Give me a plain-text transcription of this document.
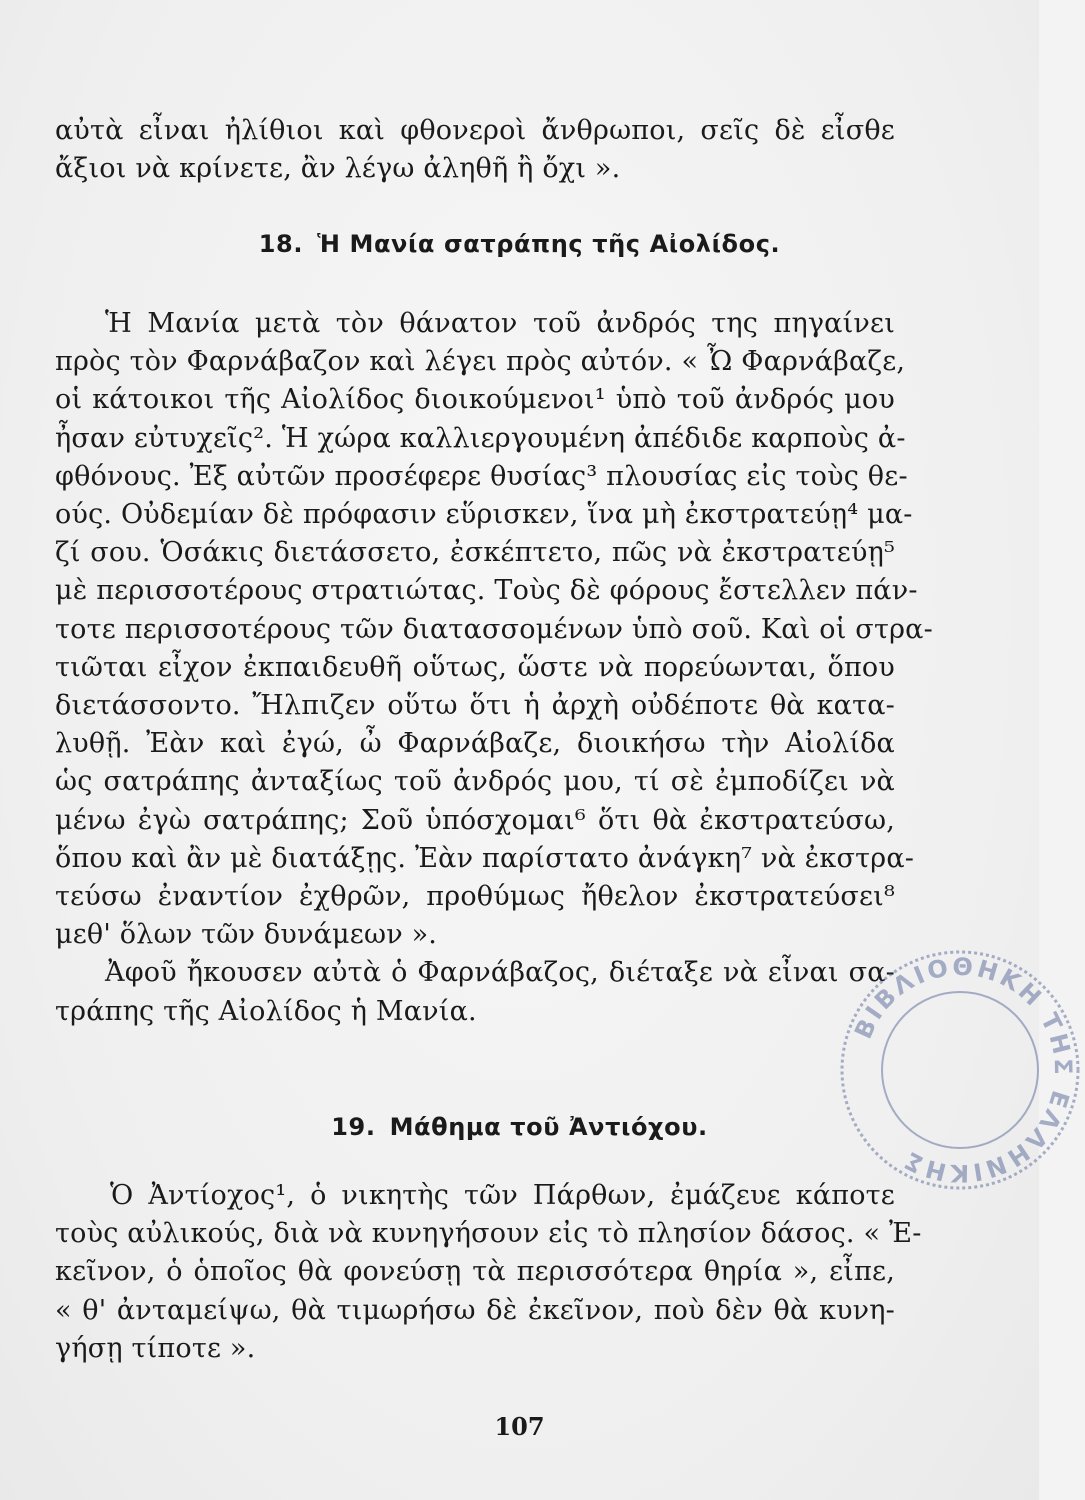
αὐτὰ εἶναι ἠλίθιοι καὶ φθονεροὶ ἄνθρωποι, σεῖς δὲ εἶσθε
ἄξιοι νὰ κρίνετε, ἂν λέγω ἀληθῆ ἢ ὄχι ».
18. Ἡ Μανία σατράπης τῆς Αἰολίδος.
Ἡ Μανία μετὰ τὸν θάνατον τοῦ ἀνδρός της πηγαίνει
πρὸς τὸν Φαρνάβαζον καὶ λέγει πρὸς αὐτόν. « Ὦ Φαρνάβαζε,
οἱ κάτοικοι τῆς Αἰολίδος διοικούμενοι¹ ὑπὸ τοῦ ἀνδρός μου
ἦσαν εὐτυχεῖς². Ἡ χώρα καλλιεργουμένη ἀπέδιδε καρποὺς ἀ-
φθόνους. Ἐξ αὐτῶν προσέφερε θυσίας³ πλουσίας εἰς τοὺς θε-
ούς. Οὐδεμίαν δὲ πρόφασιν εὕρισκεν, ἵνα μὴ ἐκστρατεύῃ⁴ μα-
ζί σου. Ὁσάκις διετάσσετο, ἐσκέπτετο, πῶς νὰ ἐκστρατεύῃ⁵
μὲ περισσοτέρους στρατιώτας. Τοὺς δὲ φόρους ἔστελλεν πάν-
τοτε περισσοτέρους τῶν διατασσομένων ὑπὸ σοῦ. Καὶ οἱ στρα-
τιῶται εἶχον ἐκπαιδευθῆ οὕτως, ὥστε νὰ πορεύωνται, ὅπου
διετάσσοντο. Ἤλπιζεν οὕτω ὅτι ἡ ἀρχὴ οὐδέποτε θὰ κατα-
λυθῇ. Ἐὰν καὶ ἐγώ, ὦ Φαρνάβαζε, διοικήσω τὴν Αἰολίδα
ὡς σατράπης ἀνταξίως τοῦ ἀνδρός μου, τί σὲ ἐμποδίζει νὰ
μένω ἐγὼ σατράπης; Σοῦ ὑπόσχομαι⁶ ὅτι θὰ ἐκστρατεύσω,
ὅπου καὶ ἂν μὲ διατάξῃς. Ἐὰν παρίστατο ἀνάγκη⁷ νὰ ἐκστρα-
τεύσω ἐναντίον ἐχθρῶν, προθύμως ἤθελον ἐκστρατεύσει⁸
μεθ' ὅλων τῶν δυνάμεων ».
Ἀφοῦ ἤκουσεν αὐτὰ ὁ Φαρνάβαζος, διέταξε νὰ εἶναι σα-
τράπης τῆς Αἰολίδος ἡ Μανία.
19. Μάθημα τοῦ Ἀντιόχου.
Ὁ Ἀντίοχος¹, ὁ νικητὴς τῶν Πάρθων, ἐμάζευε κάποτε
τοὺς αὐλικούς, διὰ νὰ κυνηγήσουν εἰς τὸ πλησίον δάσος. « Ἐ-
κεῖνον, ὁ ὁποῖος θὰ φονεύσῃ τὰ περισσότερα θηρία », εἶπε,
« θ' ἀνταμείψω, θὰ τιμωρήσω δὲ ἐκεῖνον, ποὺ δὲν θὰ κυνη-
γήσῃ τίποτε ».
107
ΒΙΒΛΙΟΘΗΚΗ ΤΗΣ ΕΛΛΗΝΙΚΗΣ
